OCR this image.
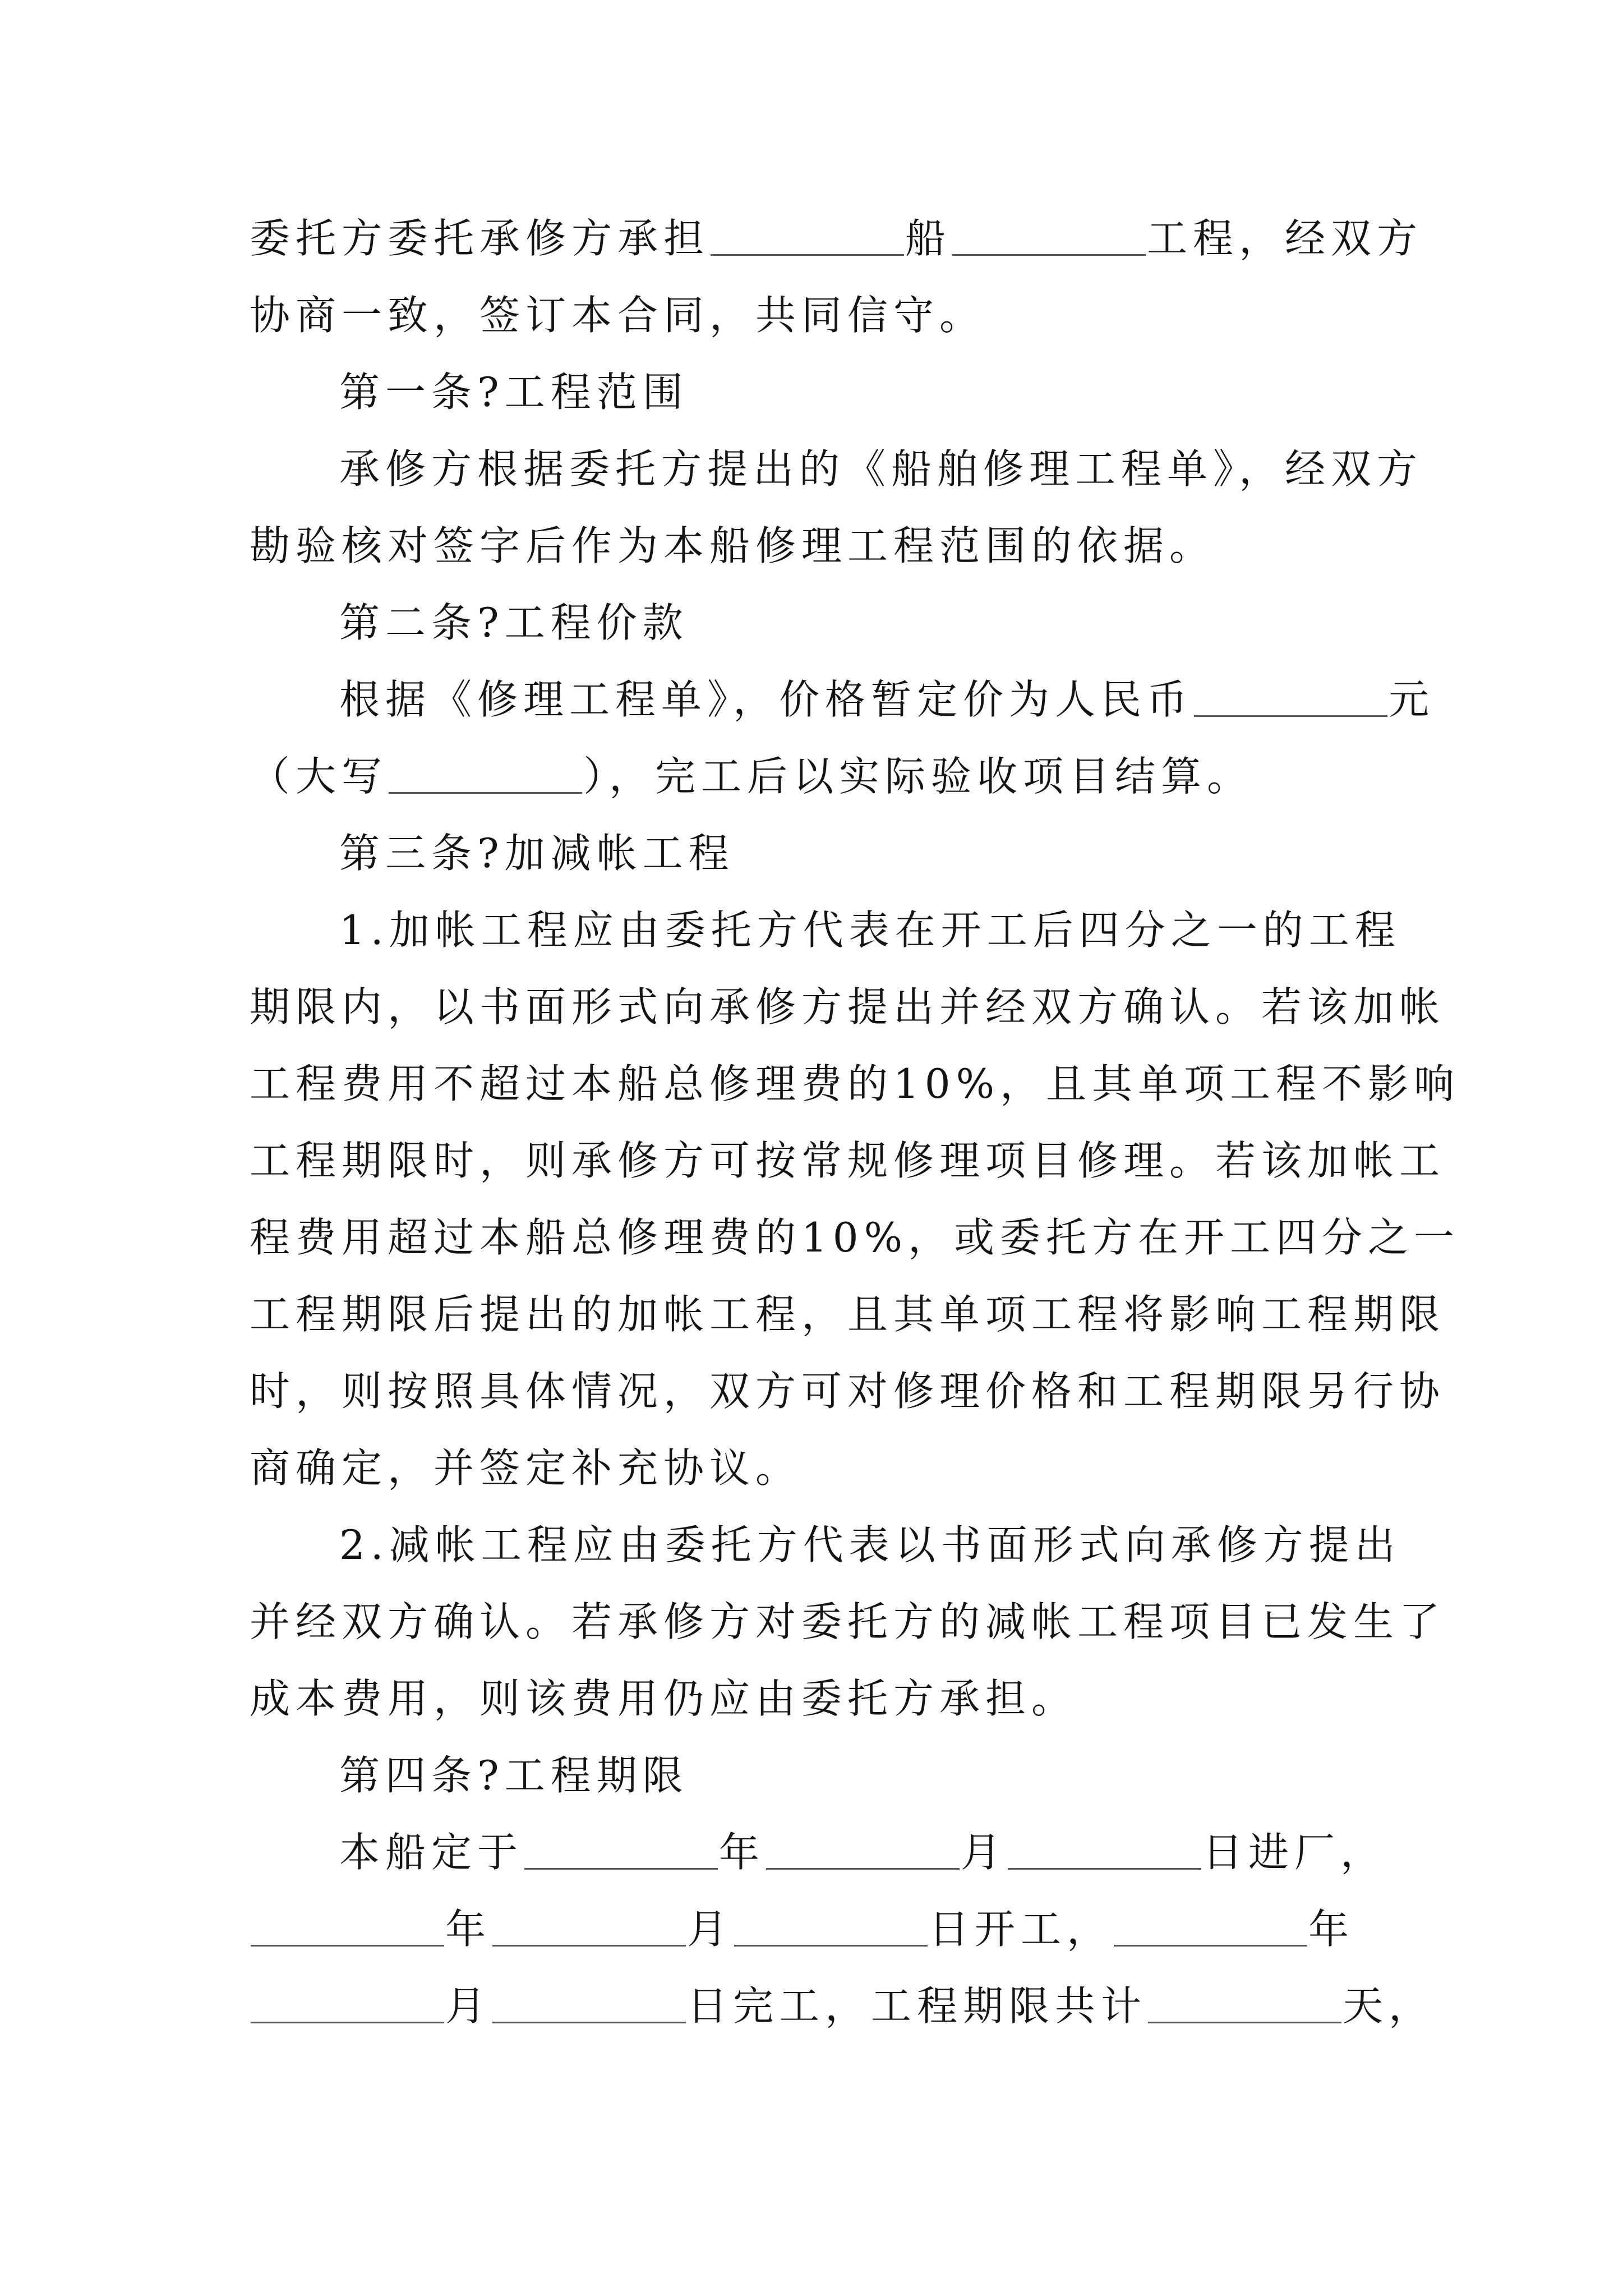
委托方委托承修方承担	船	工程，经双方
协商一致，签订本合同，共同信守。
第一条?工程范围
承修方根据委托方提出的《船舶修理工程单》，经双方
勘验核对签字后作为本船修理工程范围的依据。
第二条?工程价款
根据《修理工程单》，价格暂定价为人民币	元
（大写	），完工后以实际验收项目结算。
第三条?加减帐工程
1.加帐工程应由委托方代表在开工后四分之一的工程
期限内，以书面形式向承修方提出并经双方确认。若该加帐
工程费用不超过本船总修理费的10%，且其单项工程不影响
工程期限时，则承修方可按常规修理项目修理。若该加帐工
程费用超过本船总修理费的10%，或委托方在开工四分之一
工程期限后提出的加帐工程，且其单项工程将影响工程期限
时，则按照具体情况，双方可对修理价格和工程期限另行协
商确定，并签定补充协议。
2.减帐工程应由委托方代表以书面形式向承修方提出
并经双方确认。若承修方对委托方的减帐工程项目已发生了
成本费用，则该费用仍应由委托方承担。
第四条?工程期限
本船定于	年	月	日进厂，
年	月	日开工，	年
月	日完工，工程期限共计	天，
